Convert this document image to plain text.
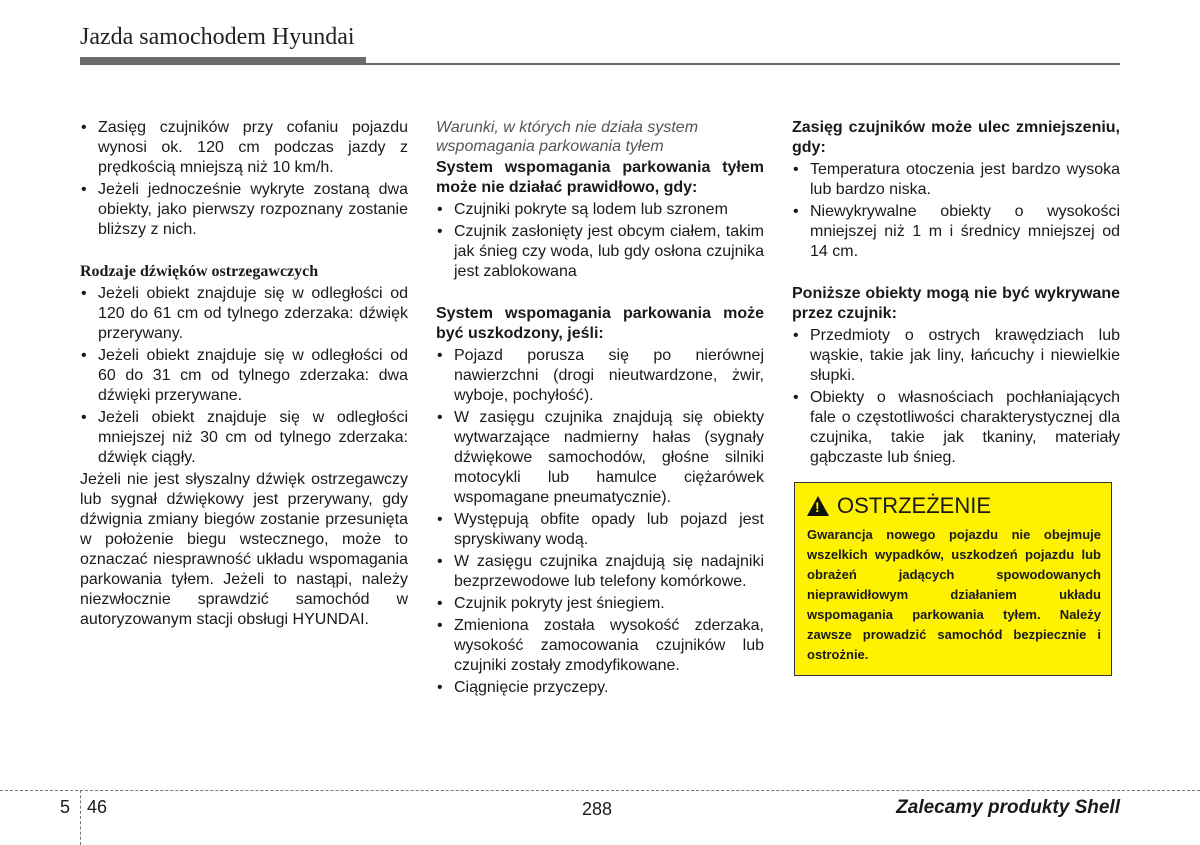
Jazda samochodem Hyundai
• Zasięg czujników przy cofaniu pojazdu wynosi ok. 120 cm podczas jazdy z prędkością mniejszą niż 10 km/h.
• Jeżeli jednocześnie wykryte zostaną dwa obiekty, jako pierwszy rozpoznany zostanie bliższy z nich.
Rodzaje dźwięków ostrzegawczych
• Jeżeli obiekt znajduje się w odległości od 120 do 61 cm od tylnego zderzaka: dźwięk przerywany.
• Jeżeli obiekt znajduje się w odległości od 60 do 31 cm od tylnego zderzaka: dwa dźwięki przerywane.
• Jeżeli obiekt znajduje się w odległości mniejszej niż 30 cm od tylnego zderzaka: dźwięk ciągły.

Jeżeli nie jest słyszalny dźwięk ostrzegawczy lub sygnał dźwiękowy jest przerywany, gdy dźwignia zmiany biegów zostanie przesunięta w położenie biegu wstecznego, może to oznaczać niesprawność układu wspomagania parkowania tyłem. Jeżeli to nastąpi, należy niezwłocznie sprawdzić samochód w autoryzowanym stacji obsługi HYUNDAI.

Warunki, w których nie działa system wspomagania parkowania tyłem
System wspomagania parkowania tyłem może nie działać prawidłowo, gdy:
• Czujniki pokryte są lodem lub szronem
• Czujnik zasłonięty jest obcym ciałem, takim jak śnieg czy woda, lub gdy osłona czujnika jest zablokowana
System wspomagania parkowania może być uszkodzony, jeśli:
• Pojazd porusza się po nierównej nawierzchni (drogi nieutwardzone, żwir, wyboje, pochyłość).
• W zasięgu czujnika znajdują się obiekty wytwarzające nadmierny hałas (sygnały dźwiękowe samochodów, głośne silniki motocykli lub hamulce ciężarówek wspomagane pneumatycznie).
• Występują obfite opady lub pojazd jest spryskiwany wodą.
• W zasięgu czujnika znajdują się nadajniki bezprzewodowe lub telefony komórkowe.
• Czujnik pokryty jest śniegiem.
• Zmieniona została wysokość zderzaka, wysokość zamocowania czujników lub czujniki zostały zmodyfikowane.
• Ciągnięcie przyczepy.
Zasięg czujników może ulec zmniejszeniu, gdy:
• Temperatura otoczenia jest bardzo wysoka lub bardzo niska.
• Niewykrywalne obiekty o wysokości mniejszej niż 1 m i średnicy mniejszej od 14 cm.
Poniższe obiekty mogą nie być wykrywane przez czujnik:
• Przedmioty o ostrych krawędziach lub wąskie, takie jak liny, łańcuchy i niewielkie słupki.
• Obiekty o własnościach pochłaniających fale o częstotliwości charakterystycznej dla czujnika, takie jak tkaniny, materiały gąbczaste lub śnieg.
!
OSTRZEŻENIE
Gwarancja nowego pojazdu nie obejmuje wszelkich wypadków, uszkodzeń pojazdu lub obrażeń jadących spowodowanych nieprawidłowym działaniem układu wspomagania parkowania tyłem. Należy zawsze prowadzić samochód bezpiecznie i ostrożnie.
5 46	288	Zalecamy produkty Shell
